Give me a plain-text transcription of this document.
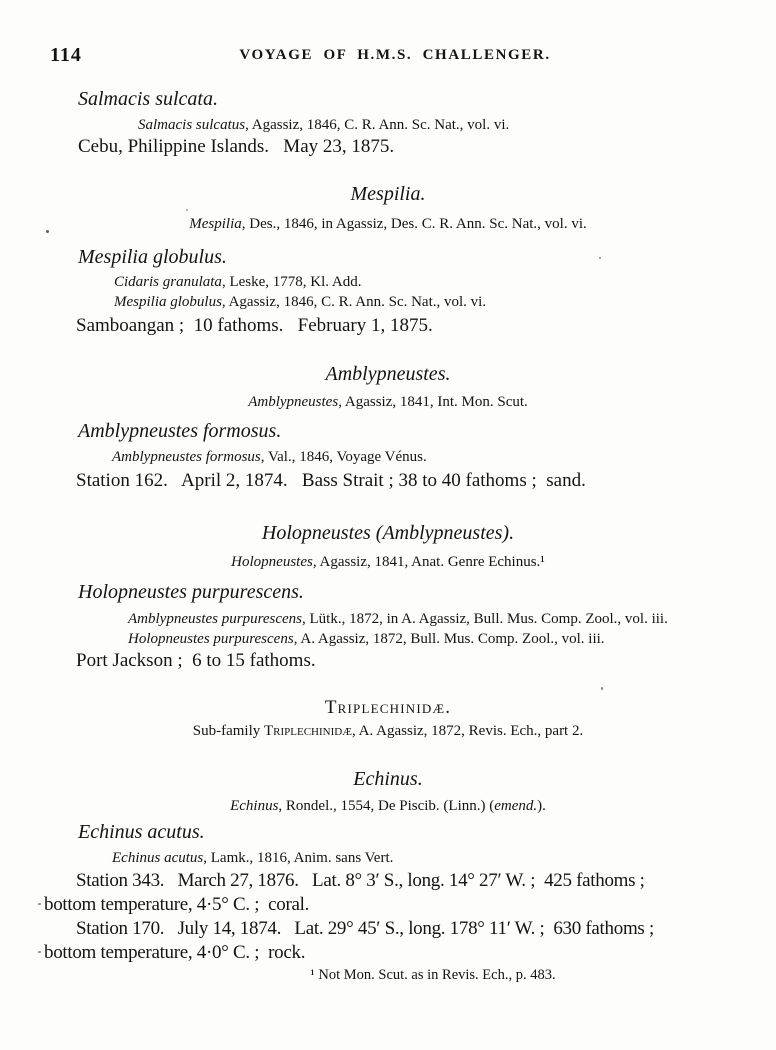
114	VOYAGE OF H.M.S. CHALLENGER.
Salmacis sulcata.
Salmacis sulcatus, Agassiz, 1846, C. R. Ann. Sc. Nat., vol. vi.
Cebu, Philippine Islands.   May 23, 1875.
Mespilia.
Mespilia, Des., 1846, in Agassiz, Des. C. R. Ann. Sc. Nat., vol. vi.
Mespilia globulus.
Cidaris granulata, Leske, 1778, Kl. Add.
Mespilia globulus, Agassiz, 1846, C. R. Ann. Sc. Nat., vol. vi.
Samboangan ;  10 fathoms.   February 1, 1875.
Amblypneustes.
Amblypneustes, Agassiz, 1841, Int. Mon. Scut.
Amblypneustes formosus.
Amblypneustes formosus, Val., 1846, Voyage Vénus.
Station 162.   April 2, 1874.   Bass Strait ; 38 to 40 fathoms ;  sand.
Holopneustes (Amblypneustes).
Holopneustes, Agassiz, 1841, Anat. Genre Echinus.¹
Holopneustes purpurescens.
Amblypneustes purpurescens, Lütk., 1872, in A. Agassiz, Bull. Mus. Comp. Zool., vol. iii.
Holopneustes purpurescens, A. Agassiz, 1872, Bull. Mus. Comp. Zool., vol. iii.
Port Jackson ;  6 to 15 fathoms.
Triplechinidæ.
Sub-family Triplechinidæ, A. Agassiz, 1872, Revis. Ech., part 2.
Echinus.
Echinus, Rondel., 1554, De Piscib. (Linn.) (emend.).
Echinus acutus.
Echinus acutus, Lamk., 1816, Anim. sans Vert.
Station 343.   March 27, 1876.   Lat. 8° 3′ S., long. 14° 27′ W. ;  425 fathoms ;
bottom temperature, 4·5° C. ;  coral.
Station 170.   July 14, 1874.   Lat. 29° 45′ S., long. 178° 11′ W. ;  630 fathoms ;
bottom temperature, 4·0° C. ;  rock.
¹ Not Mon. Scut. as in Revis. Ech., p. 483.
